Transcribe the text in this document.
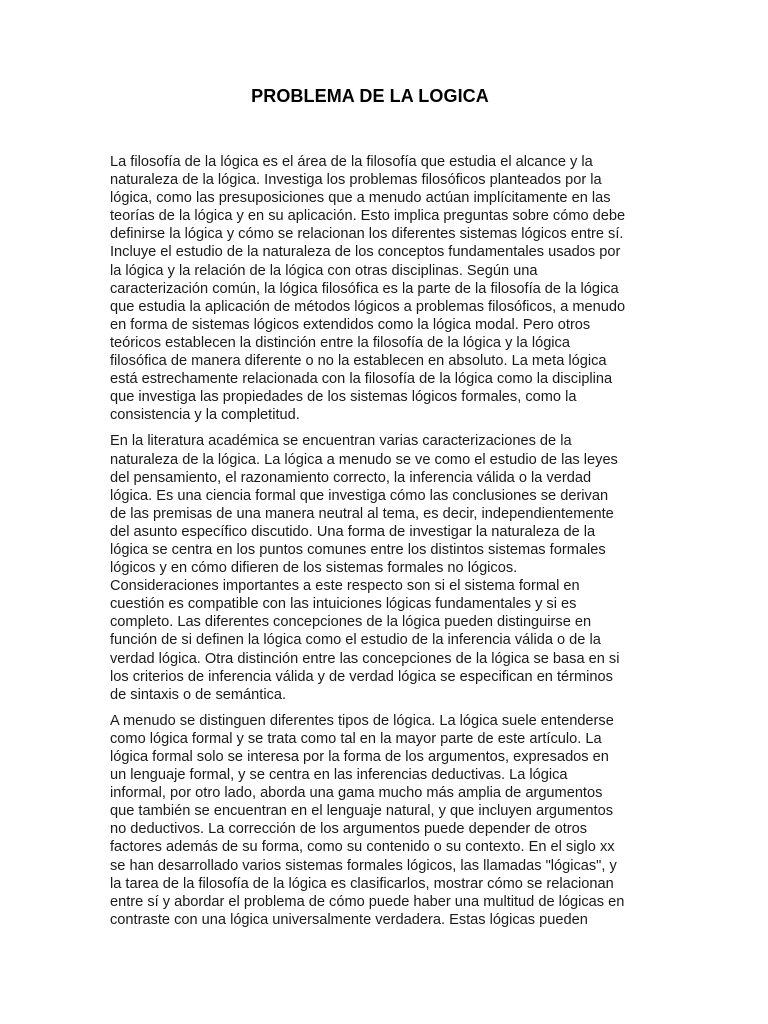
PROBLEMA DE LA LOGICA

La filosofía de la lógica es el área de la filosofía que estudia el alcance y la
naturaleza de la lógica. Investiga los problemas filosóficos planteados por la
lógica, como las presuposiciones que a menudo actúan implícitamente en las
teorías de la lógica y en su aplicación. Esto implica preguntas sobre cómo debe
definirse la lógica y cómo se relacionan los diferentes sistemas lógicos entre sí.
Incluye el estudio de la naturaleza de los conceptos fundamentales usados por
la lógica y la relación de la lógica con otras disciplinas. Según una
caracterización común, la lógica filosófica es la parte de la filosofía de la lógica
que estudia la aplicación de métodos lógicos a problemas filosóficos, a menudo
en forma de sistemas lógicos extendidos como la lógica modal. Pero otros
teóricos establecen la distinción entre la filosofía de la lógica y la lógica
filosófica de manera diferente o no la establecen en absoluto. La meta lógica
está estrechamente relacionada con la filosofía de la lógica como la disciplina
que investiga las propiedades de los sistemas lógicos formales, como la
consistencia y la completitud.

En la literatura académica se encuentran varias caracterizaciones de la
naturaleza de la lógica. La lógica a menudo se ve como el estudio de las leyes
del pensamiento, el razonamiento correcto, la inferencia válida o la verdad
lógica. Es una ciencia formal que investiga cómo las conclusiones se derivan
de las premisas de una manera neutral al tema, es decir, independientemente
del asunto específico discutido. Una forma de investigar la naturaleza de la
lógica se centra en los puntos comunes entre los distintos sistemas formales
lógicos y en cómo difieren de los sistemas formales no lógicos.
Consideraciones importantes a este respecto son si el sistema formal en
cuestión es compatible con las intuiciones lógicas fundamentales y si es
completo. Las diferentes concepciones de la lógica pueden distinguirse en
función de si definen la lógica como el estudio de la inferencia válida o de la
verdad lógica. Otra distinción entre las concepciones de la lógica se basa en si
los criterios de inferencia válida y de verdad lógica se especifican en términos
de sintaxis o de semántica.

A menudo se distinguen diferentes tipos de lógica. La lógica suele entenderse
como lógica formal y se trata como tal en la mayor parte de este artículo. La
lógica formal solo se interesa por la forma de los argumentos, expresados en
un lenguaje formal, y se centra en las inferencias deductivas. La lógica
informal, por otro lado, aborda una gama mucho más amplia de argumentos
que también se encuentran en el lenguaje natural, y que incluyen argumentos
no deductivos. La corrección de los argumentos puede depender de otros
factores además de su forma, como su contenido o su contexto. En el siglo xx
se han desarrollado varios sistemas formales lógicos, las llamadas "lógicas", y
la tarea de la filosofía de la lógica es clasificarlos, mostrar cómo se relacionan
entre sí y abordar el problema de cómo puede haber una multitud de lógicas en
contraste con una lógica universalmente verdadera. Estas lógicas pueden
